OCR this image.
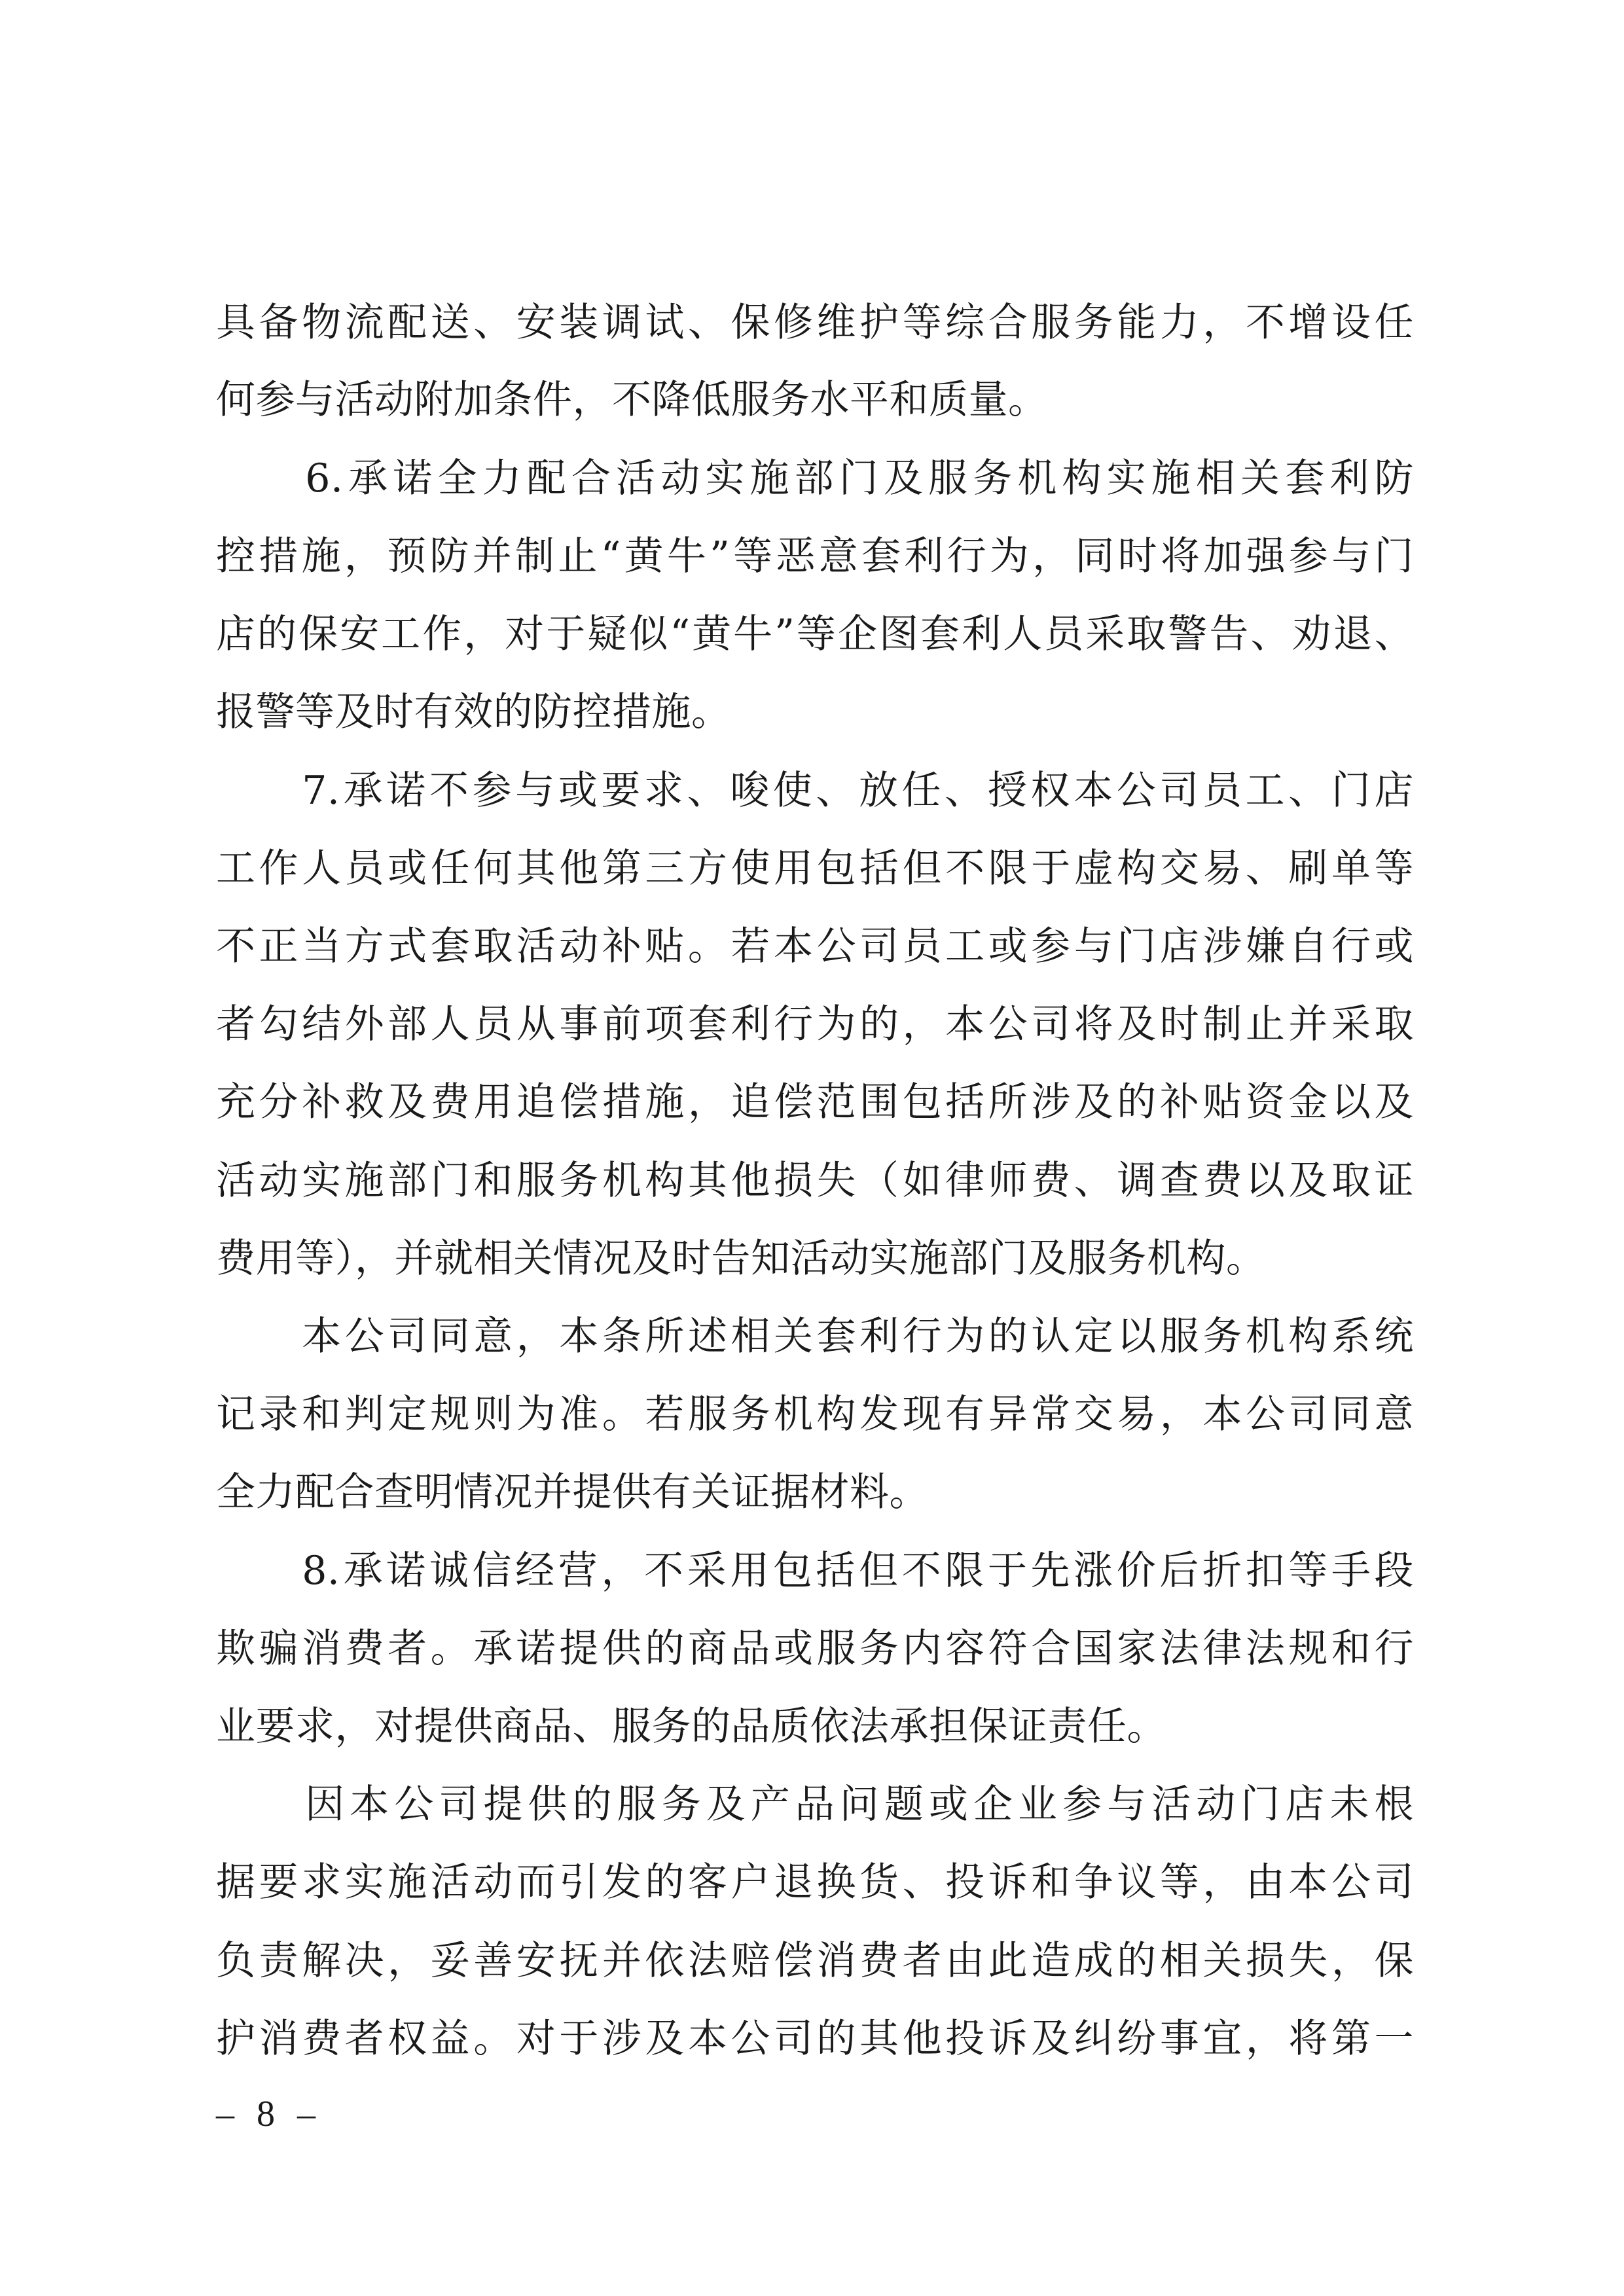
具备物流配送、安装调试、保修维护等综合服务能力，不增设任
何参与活动附加条件，不降低服务水平和质量。
　　6.承诺全力配合活动实施部门及服务机构实施相关套利防
控措施，预防并制止“黄牛”等恶意套利行为，同时将加强参与门
店的保安工作，对于疑似“黄牛”等企图套利人员采取警告、劝退、
报警等及时有效的防控措施。
　　7.承诺不参与或要求、唆使、放任、授权本公司员工、门店
工作人员或任何其他第三方使用包括但不限于虚构交易、刷单等
不正当方式套取活动补贴。若本公司员工或参与门店涉嫌自行或
者勾结外部人员从事前项套利行为的，本公司将及时制止并采取
充分补救及费用追偿措施，追偿范围包括所涉及的补贴资金以及
活动实施部门和服务机构其他损失（如律师费、调查费以及取证
费用等），并就相关情况及时告知活动实施部门及服务机构。
　　本公司同意，本条所述相关套利行为的认定以服务机构系统
记录和判定规则为准。若服务机构发现有异常交易，本公司同意
全力配合查明情况并提供有关证据材料。
　　8.承诺诚信经营，不采用包括但不限于先涨价后折扣等手段
欺骗消费者。承诺提供的商品或服务内容符合国家法律法规和行
业要求，对提供商品、服务的品质依法承担保证责任。
　　因本公司提供的服务及产品问题或企业参与活动门店未根
据要求实施活动而引发的客户退换货、投诉和争议等，由本公司
负责解决，妥善安抚并依法赔偿消费者由此造成的相关损失，保
护消费者权益。对于涉及本公司的其他投诉及纠纷事宜，将第一
– 8 –
